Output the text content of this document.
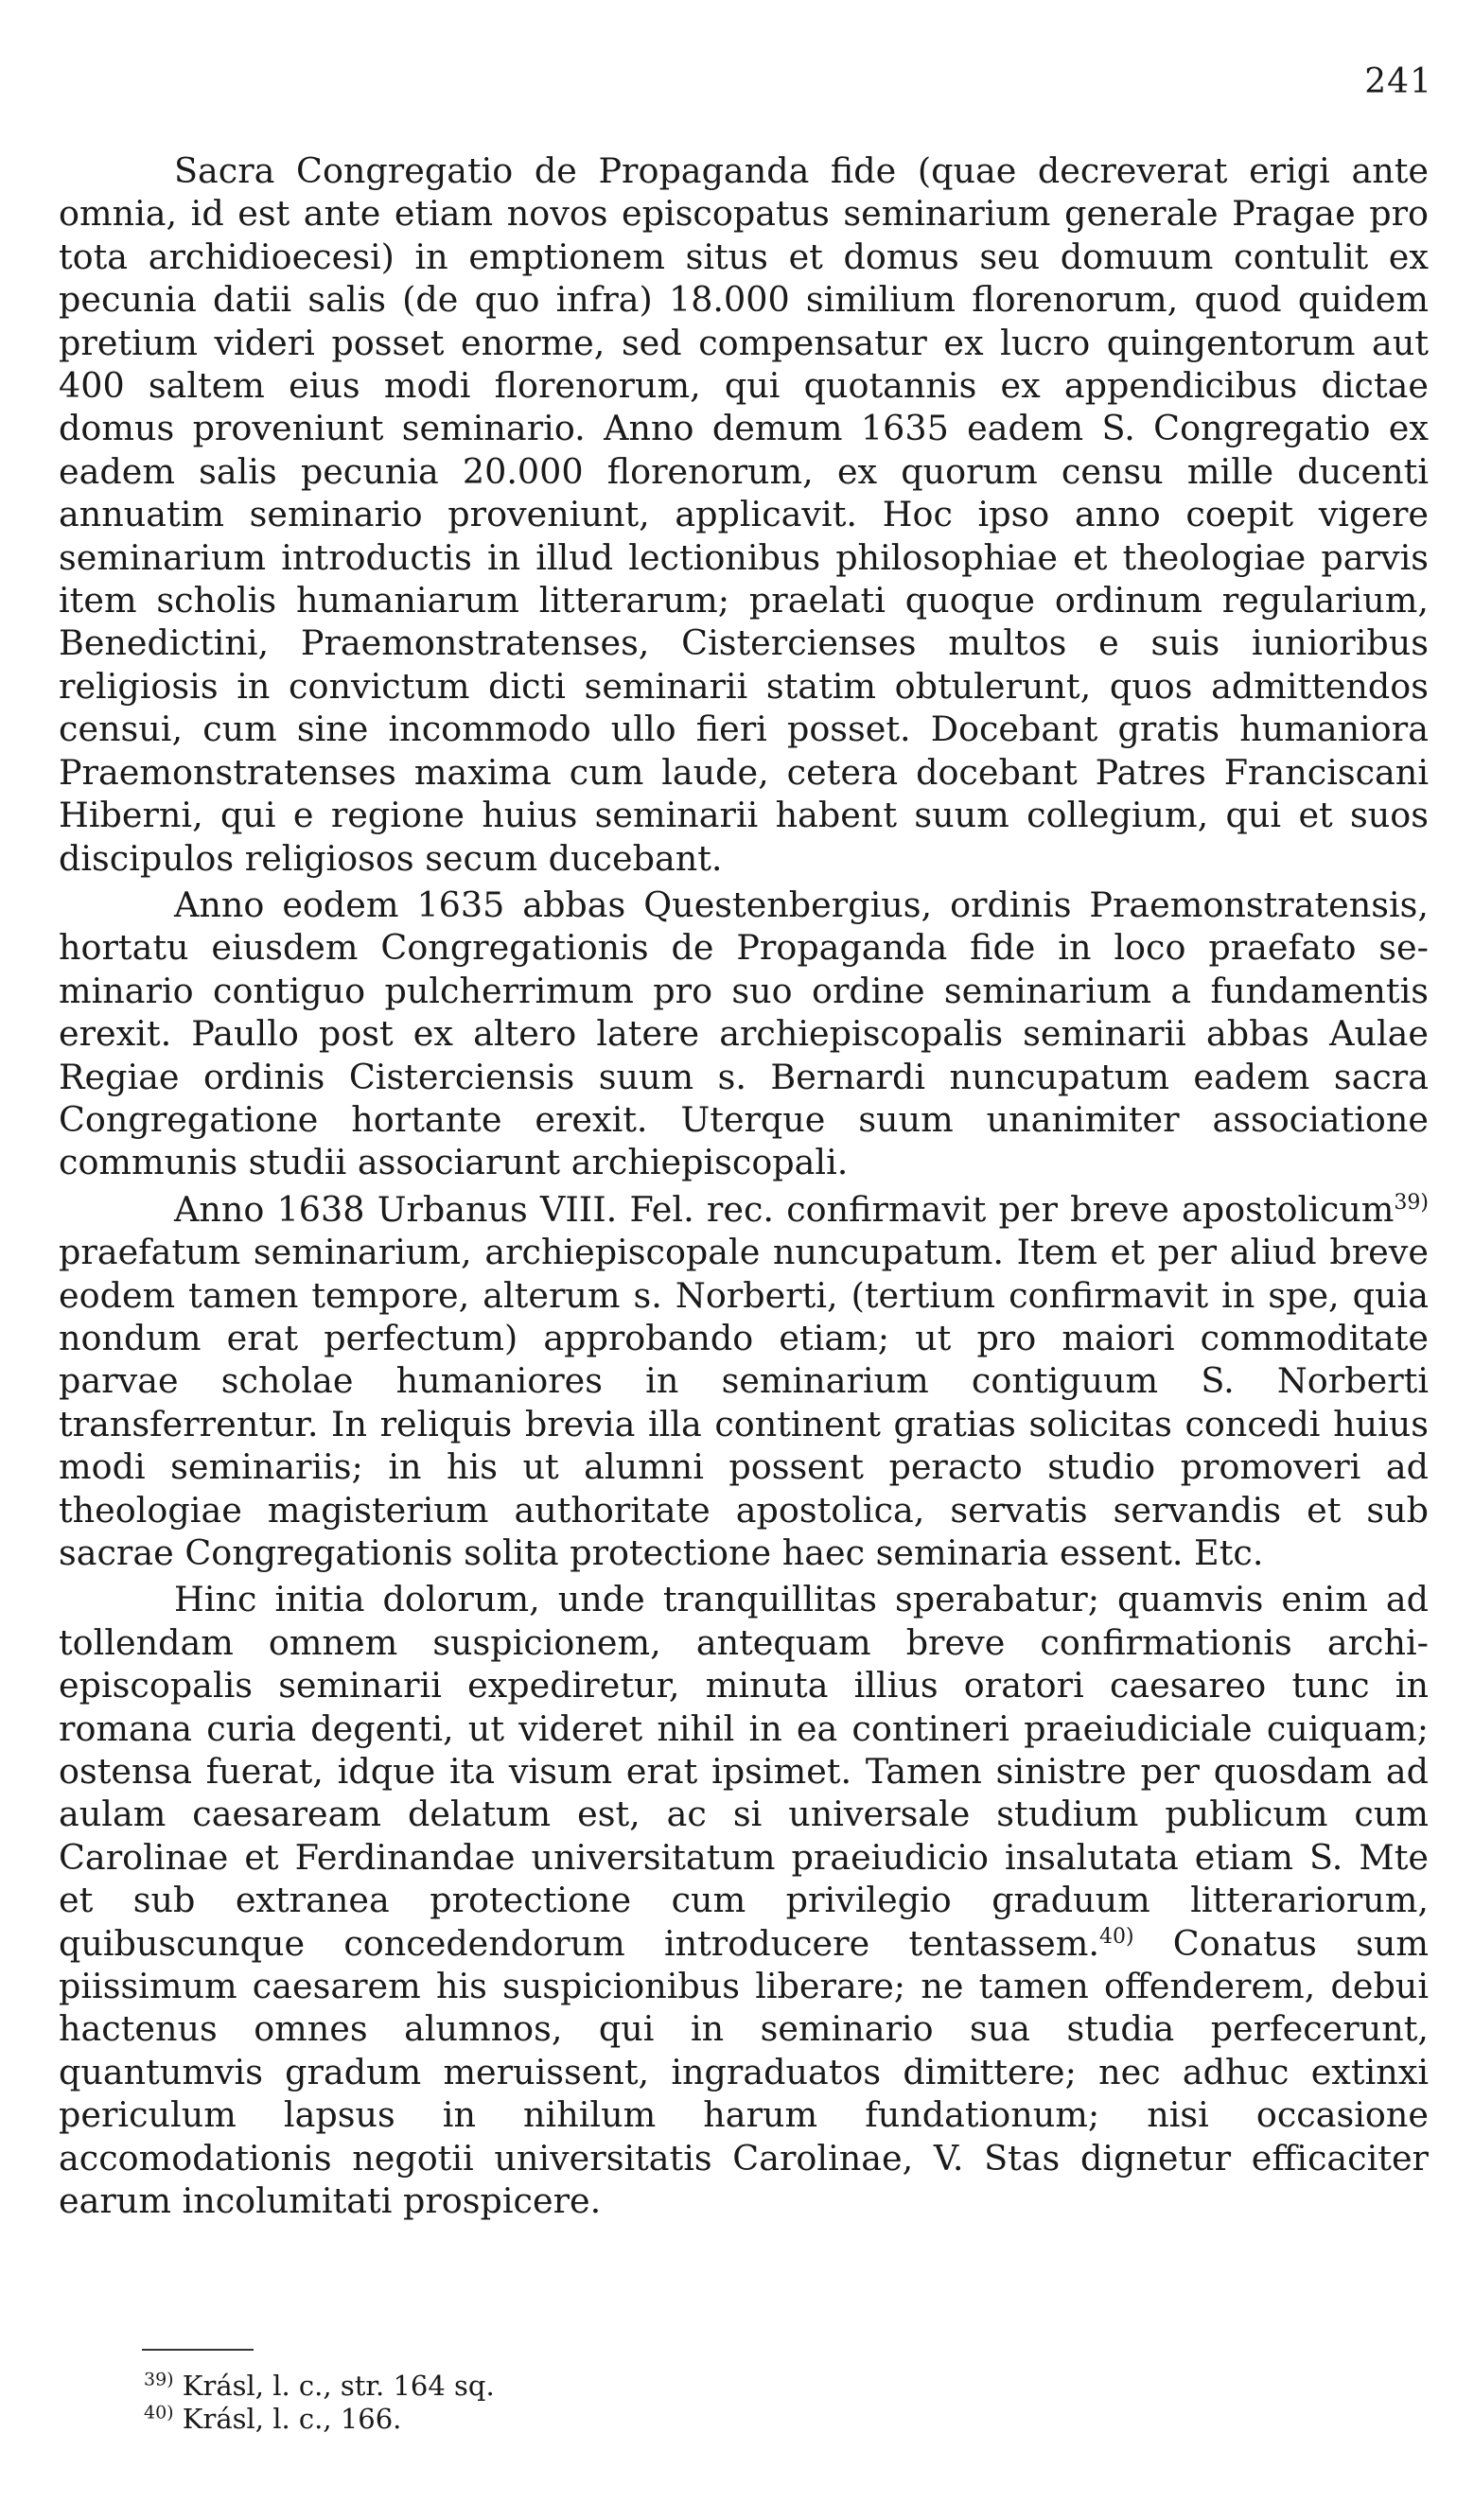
241

Sacra Congregatio de Propaganda fide (quae decreverat erigi ante omnia, id est ante etiam novos episcopatus seminarium generale Pragae pro tota archidioecesi) in emptionem situs et domus seu domuum contulit ex pecunia datii salis (de quo infra) 18.000 similium florenorum, quod quidem pretium videri posset enorme, sed compensatur ex lucro quingentorum aut 400 saltem eius modi florenorum, qui quotannis ex appendicibus dictae domus proveniunt seminario. Anno demum 1635 eadem S. Congregatio ex eadem salis pecunia 20.000 florenorum, ex quorum censu mille ducenti annuatim seminario proveniunt, applicavit. Hoc ipso anno coepit vigere seminarium introductis in illud lectionibus philosophiae et theologiae parvis item scholis humaniarum litterarum; praelati quoque ordinum regularium, Benedictini, Praemonstratenses, Cistercienses multos e suis iunioribus religiosis in convictum dicti seminarii statim obtulerunt, quos admittendos censui, cum sine incommodo ullo fieri posset. Docebant gratis humaniora Praemonstratenses maxima cum laude, cetera docebant Patres Franciscani Hiberni, qui e regione huius seminarii habent suum collegium, qui et suos discipulos religiosos secum ducebant.

Anno eodem 1635 abbas Questenbergius, ordinis Praemonstratensis, hortatu eiusdem Congregationis de Propaganda fide in loco praefato seminario contiguo pulcherrimum pro suo ordine seminarium a fundamentis erexit. Paullo post ex altero latere archiepiscopalis seminarii abbas Aulae Regiae ordinis Cisterciensis suum s. Bernardi nuncupatum eadem sacra Congregatione hortante erexit. Uterque suum unanimiter associatione communis studii associarunt archiepiscopali.

Anno 1638 Urbanus VIII. Fel. rec. confirmavit per breve apostolicum$^{39)}$ praefatum seminarium, archiepiscopale nuncupatum. Item et per aliud breve eodem tamen tempore, alterum s. Norberti, (tertium confirmavit in spe, quia nondum erat perfectum) approbando etiam; ut pro maiori commoditate parvae scholae humaniores in seminarium contiguum S. Norberti transferrentur. In reliquis brevia illa continent gratias solicitas concedi huius modi seminariis; in his ut alumni possent peracto studio promoveri ad theologiae magisterium authoritate apostolica, servatis servandis et sub sacrae Congregationis solita protectione haec seminaria essent. Etc.

Hinc initia dolorum, unde tranquillitas sperabatur; quamvis enim ad tollendam omnem suspicionem, antequam breve confirmationis archiepiscopalis seminarii expediretur, minuta illius oratori caesareo tunc in romana curia degenti, ut videret nihil in ea contineri praeiudiciale cuiquam; ostensa fuerat, idque ita visum erat ipsimet. Tamen sinistre per quosdam ad aulam caesaream delatum est, ac si universale studium publicum cum Carolinae et Ferdinandae universitatum praeiudicio insalutata etiam S. Mte et sub extranea protectione cum privilegio graduum litterariorum, quibuscunque concedendorum introducere tentassem.$^{40)}$ Conatus sum piissimum caesarem his suspicionibus liberare; ne tamen offenderem, debui hactenus omnes alumnos, qui in seminario sua studia perfecerunt, quantumvis gradum meruissent, ingraduatos dimittere; nec adhuc extinxi periculum lapsus in nihilum harum fundationum; nisi occasione accomodationis negotii universitatis Carolinae, V. Stas dignetur efficaciter earum incolumitati prospicere.

$^{39)}$ Krásl, l. c., str. 164 sq.
$^{40)}$ Krásl, l. c., 166.
